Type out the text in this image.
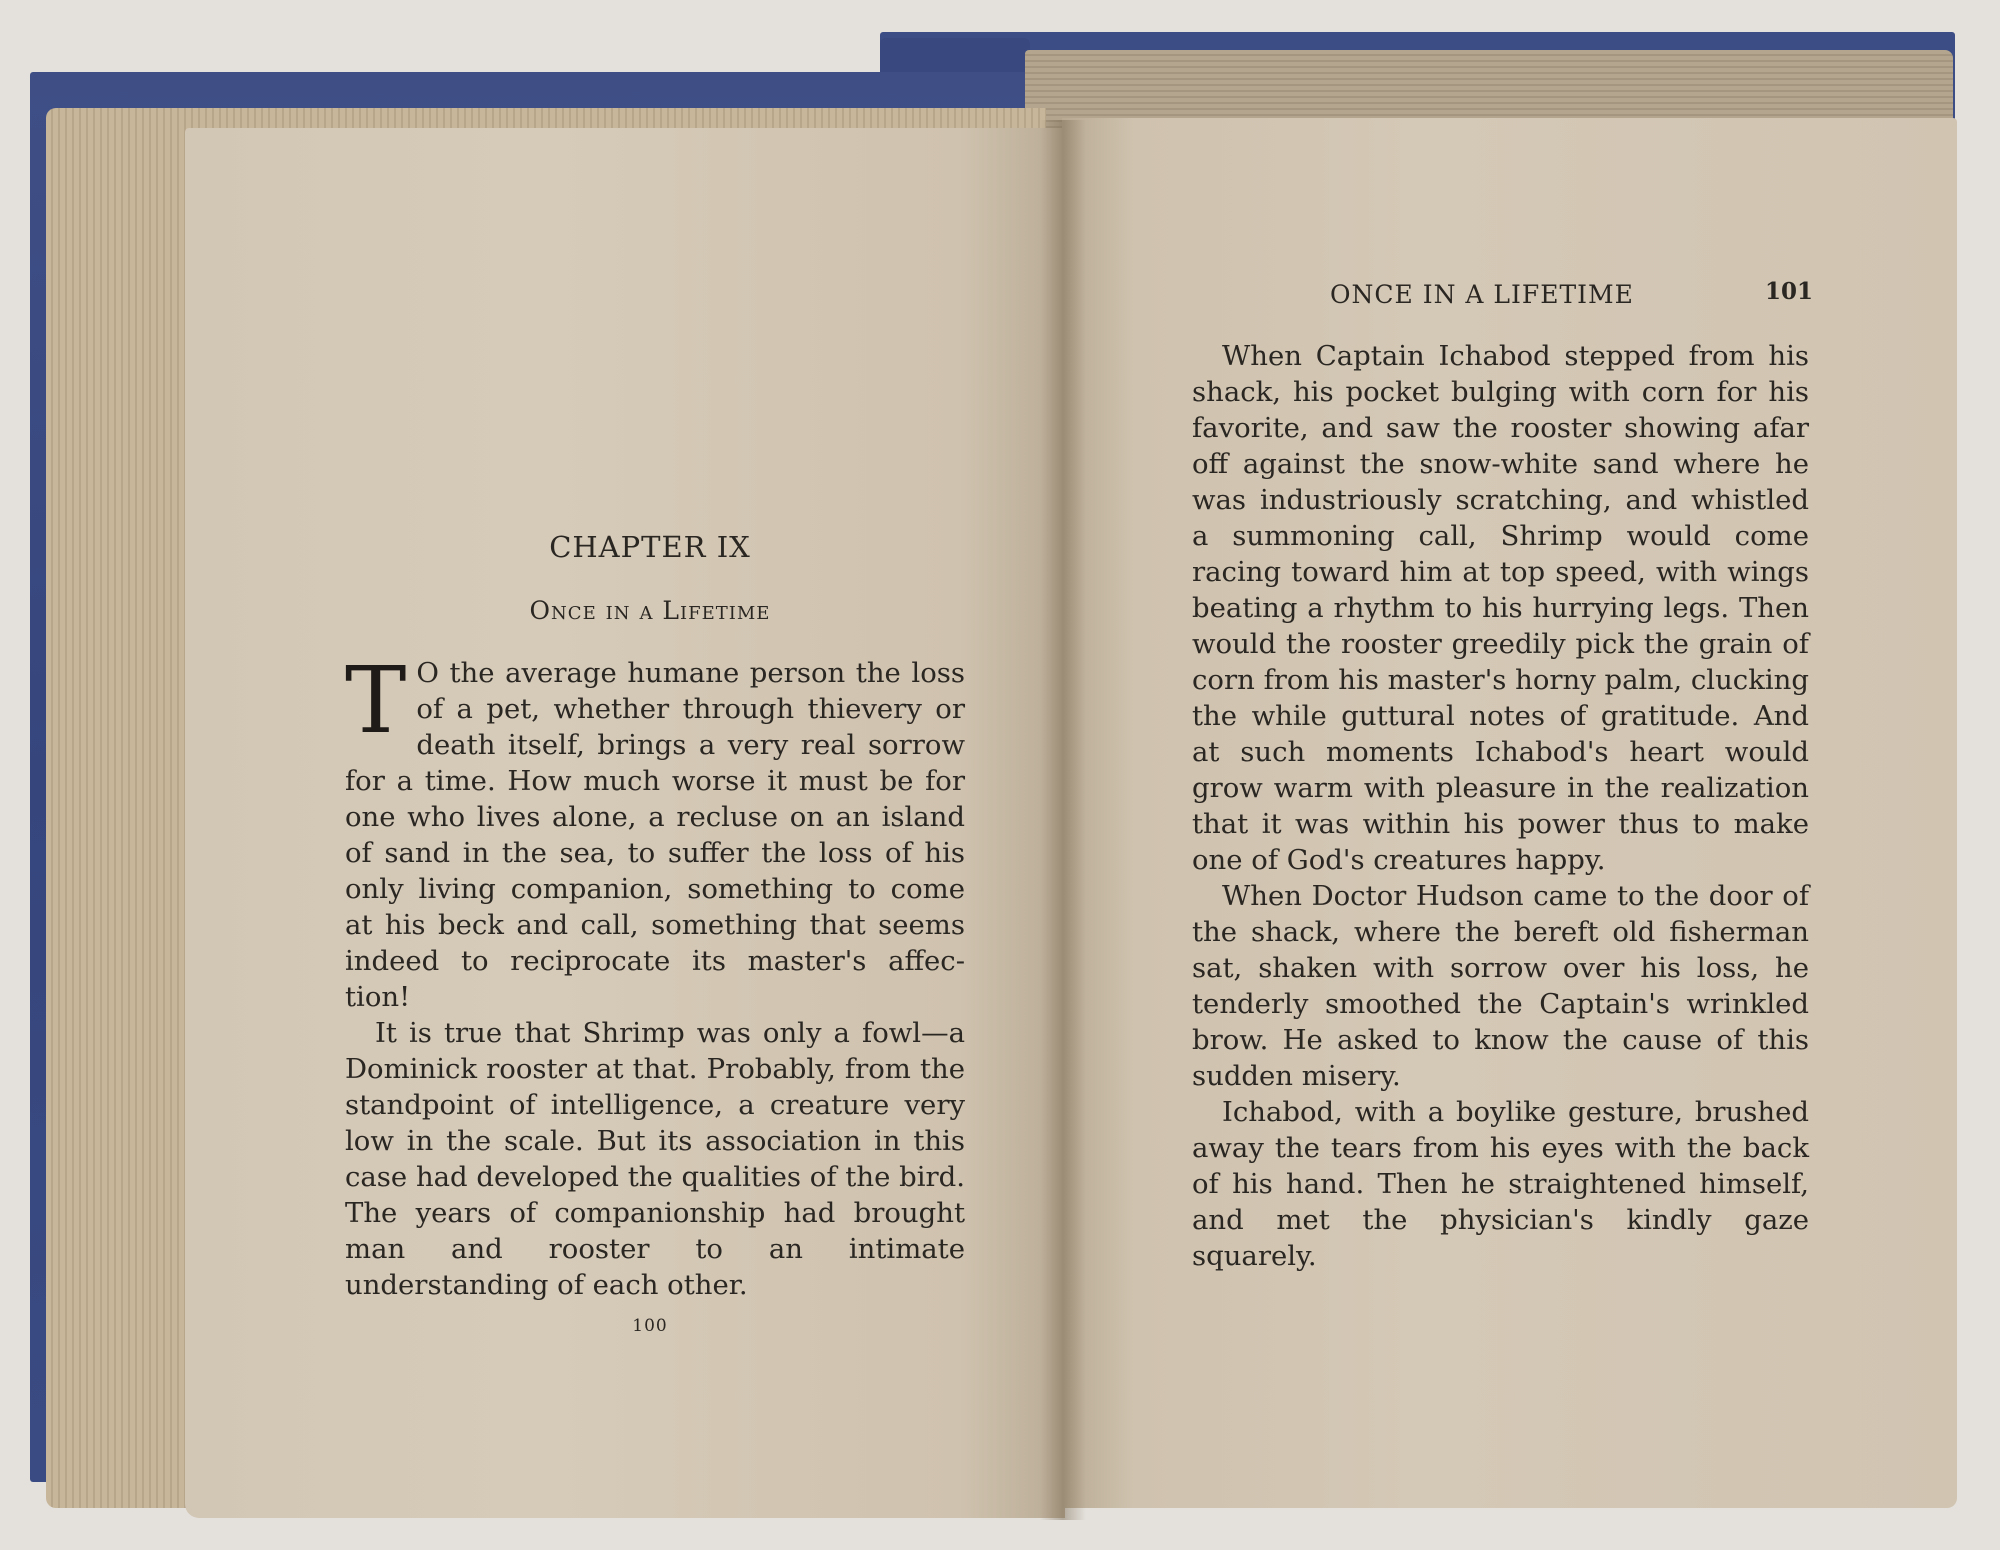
CHAPTER IX
Once in a Lifetime

T O the average humane person the loss of a pet, whether through thievery or death itself, brings a very real sorrow for a time. How much worse it must be for one who lives alone, a recluse on an island of sand in the sea, to suffer the loss of his only living companion, something to come at his beck and call, something that seems indeed to reciprocate its master's affec-tion!

It is true that Shrimp was only a fowl—a Dominick rooster at that. Probably, from the standpoint of intelligence, a creature very low in the scale. But its association in this case had developed the qualities of the bird. The years of companionship had brought man and rooster to an intimate understanding of each other.

100
ONCE IN A LIFETIME	101

When Captain Ichabod stepped from his shack, his pocket bulging with corn for his favorite, and saw the rooster showing afar off against the snow-white sand where he was industriously scratching, and whistled a summoning call, Shrimp would come racing toward him at top speed, with wings beating a rhythm to his hurrying legs. Then would the rooster greedily pick the grain of corn from his master's horny palm, clucking the while guttural notes of gratitude. And at such moments Ichabod's heart would grow warm with pleasure in the realization that it was within his power thus to make one of God's creatures happy.

When Doctor Hudson came to the door of the shack, where the bereft old fisherman sat, shaken with sorrow over his loss, he tenderly smoothed the Captain's wrinkled brow. He asked to know the cause of this sudden misery.

Ichabod, with a boylike gesture, brushed away the tears from his eyes with the back of his hand. Then he straightened himself, and met the physician's kindly gaze squarely.
